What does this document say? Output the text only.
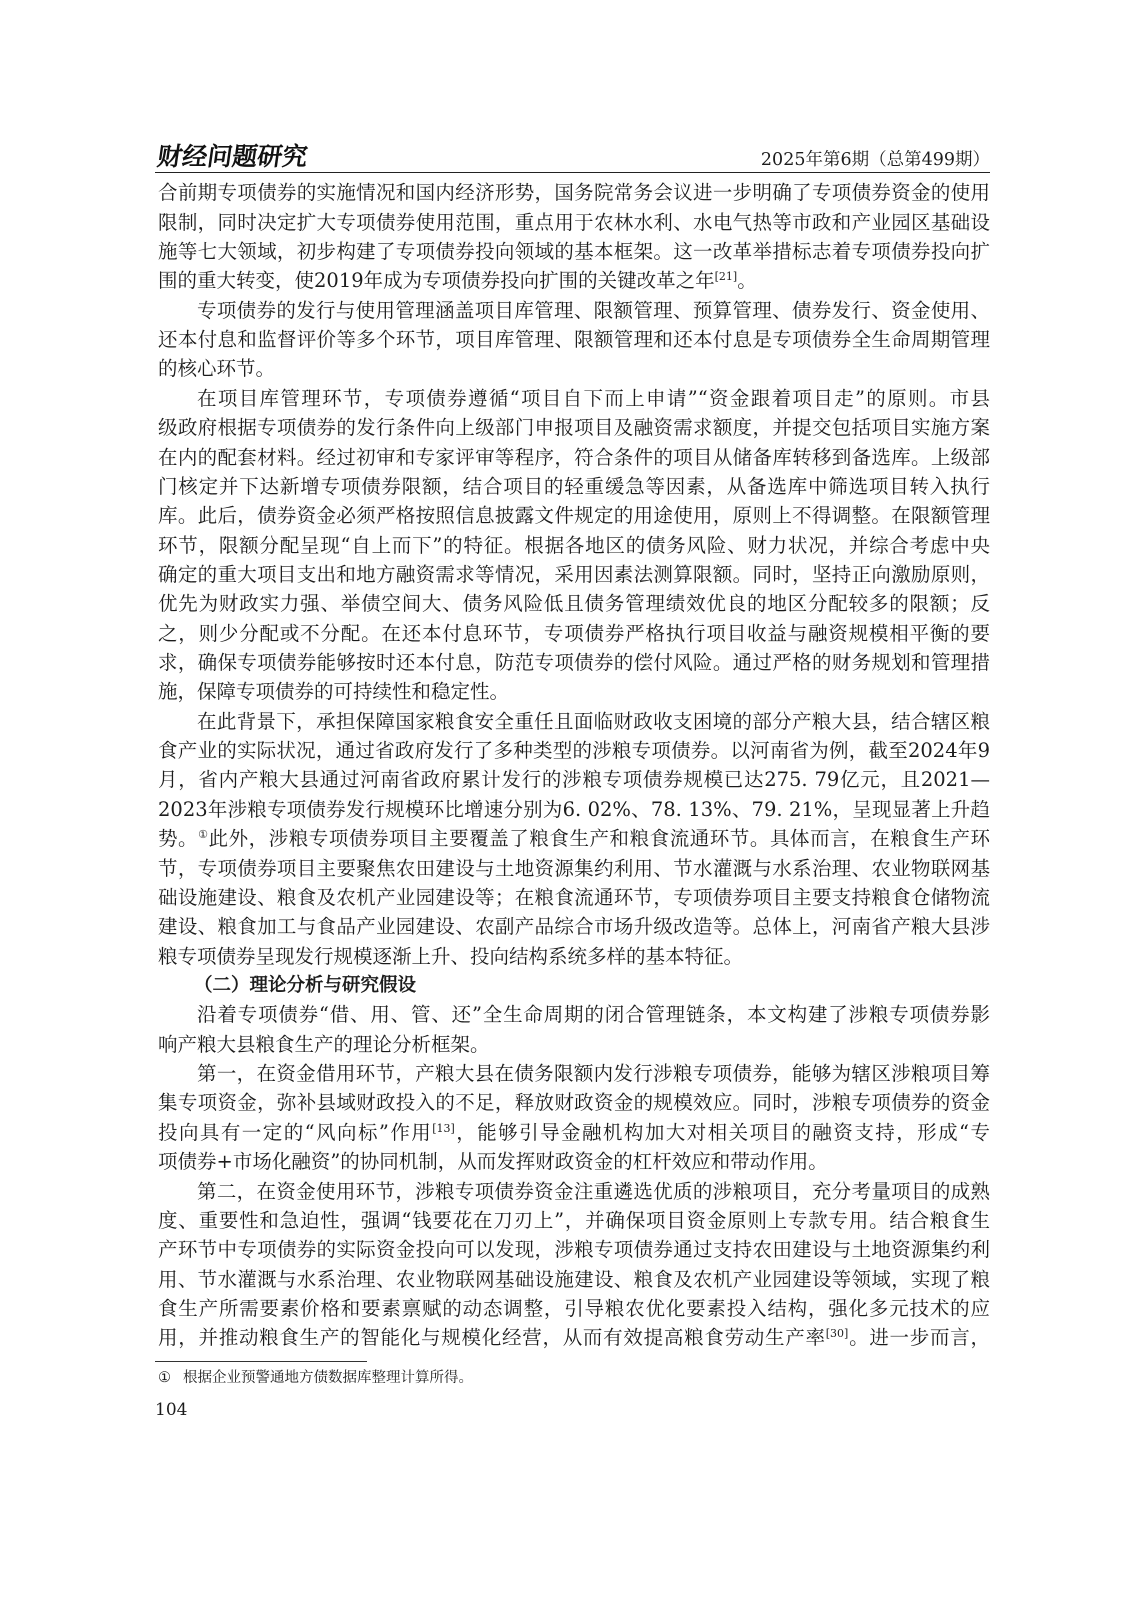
财经问题研究	2025年第6期（总第499期）
合前期专项债券的实施情况和国内经济形势，国务院常务会议进一步明确了专项债券资金的使用
限制，同时决定扩大专项债券使用范围，重点用于农林水利、水电气热等市政和产业园区基础设
施等七大领域，初步构建了专项债券投向领域的基本框架。这一改革举措标志着专项债券投向扩
围的重大转变，使2019年成为专项债券投向扩围的关键改革之年[21]。
专项债券的发行与使用管理涵盖项目库管理、限额管理、预算管理、债券发行、资金使用、
还本付息和监督评价等多个环节，项目库管理、限额管理和还本付息是专项债券全生命周期管理
的核心环节。
在项目库管理环节，专项债券遵循“项目自下而上申请”“资金跟着项目走”的原则。市县
级政府根据专项债券的发行条件向上级部门申报项目及融资需求额度，并提交包括项目实施方案
在内的配套材料。经过初审和专家评审等程序，符合条件的项目从储备库转移到备选库。上级部
门核定并下达新增专项债券限额，结合项目的轻重缓急等因素，从备选库中筛选项目转入执行
库。此后，债券资金必须严格按照信息披露文件规定的用途使用，原则上不得调整。在限额管理
环节，限额分配呈现“自上而下”的特征。根据各地区的债务风险、财力状况，并综合考虑中央
确定的重大项目支出和地方融资需求等情况，采用因素法测算限额。同时，坚持正向激励原则，
优先为财政实力强、举债空间大、债务风险低且债务管理绩效优良的地区分配较多的限额；反
之，则少分配或不分配。在还本付息环节，专项债券严格执行项目收益与融资规模相平衡的要
求，确保专项债券能够按时还本付息，防范专项债券的偿付风险。通过严格的财务规划和管理措
施，保障专项债券的可持续性和稳定性。
在此背景下，承担保障国家粮食安全重任且面临财政收支困境的部分产粮大县，结合辖区粮
食产业的实际状况，通过省政府发行了多种类型的涉粮专项债券。以河南省为例，截至2024年9
月，省内产粮大县通过河南省政府累计发行的涉粮专项债券规模已达275. 79亿元，且2021—
2023年涉粮专项债券发行规模环比增速分别为6. 02%、78. 13%、79. 21%，呈现显著上升趋
势。①此外，涉粮专项债券项目主要覆盖了粮食生产和粮食流通环节。具体而言，在粮食生产环
节，专项债券项目主要聚焦农田建设与土地资源集约利用、节水灌溉与水系治理、农业物联网基
础设施建设、粮食及农机产业园建设等；在粮食流通环节，专项债券项目主要支持粮食仓储物流
建设、粮食加工与食品产业园建设、农副产品综合市场升级改造等。总体上，河南省产粮大县涉
粮专项债券呈现发行规模逐渐上升、投向结构系统多样的基本特征。
（二）理论分析与研究假设
沿着专项债券“借、用、管、还”全生命周期的闭合管理链条，本文构建了涉粮专项债券影
响产粮大县粮食生产的理论分析框架。
第一，在资金借用环节，产粮大县在债务限额内发行涉粮专项债券，能够为辖区涉粮项目筹
集专项资金，弥补县域财政投入的不足，释放财政资金的规模效应。同时，涉粮专项债券的资金
投向具有一定的“风向标”作用[13]，能够引导金融机构加大对相关项目的融资支持，形成“专
项债券+市场化融资”的协同机制，从而发挥财政资金的杠杆效应和带动作用。
第二，在资金使用环节，涉粮专项债券资金注重遴选优质的涉粮项目，充分考量项目的成熟
度、重要性和急迫性，强调“钱要花在刀刃上”，并确保项目资金原则上专款专用。结合粮食生
产环节中专项债券的实际资金投向可以发现，涉粮专项债券通过支持农田建设与土地资源集约利
用、节水灌溉与水系治理、农业物联网基础设施建设、粮食及农机产业园建设等领域，实现了粮
食生产所需要素价格和要素禀赋的动态调整，引导粮农优化要素投入结构，强化多元技术的应
用，并推动粮食生产的智能化与规模化经营，从而有效提高粮食劳动生产率[30]。进一步而言，
① 根据企业预警通地方债数据库整理计算所得。
104
